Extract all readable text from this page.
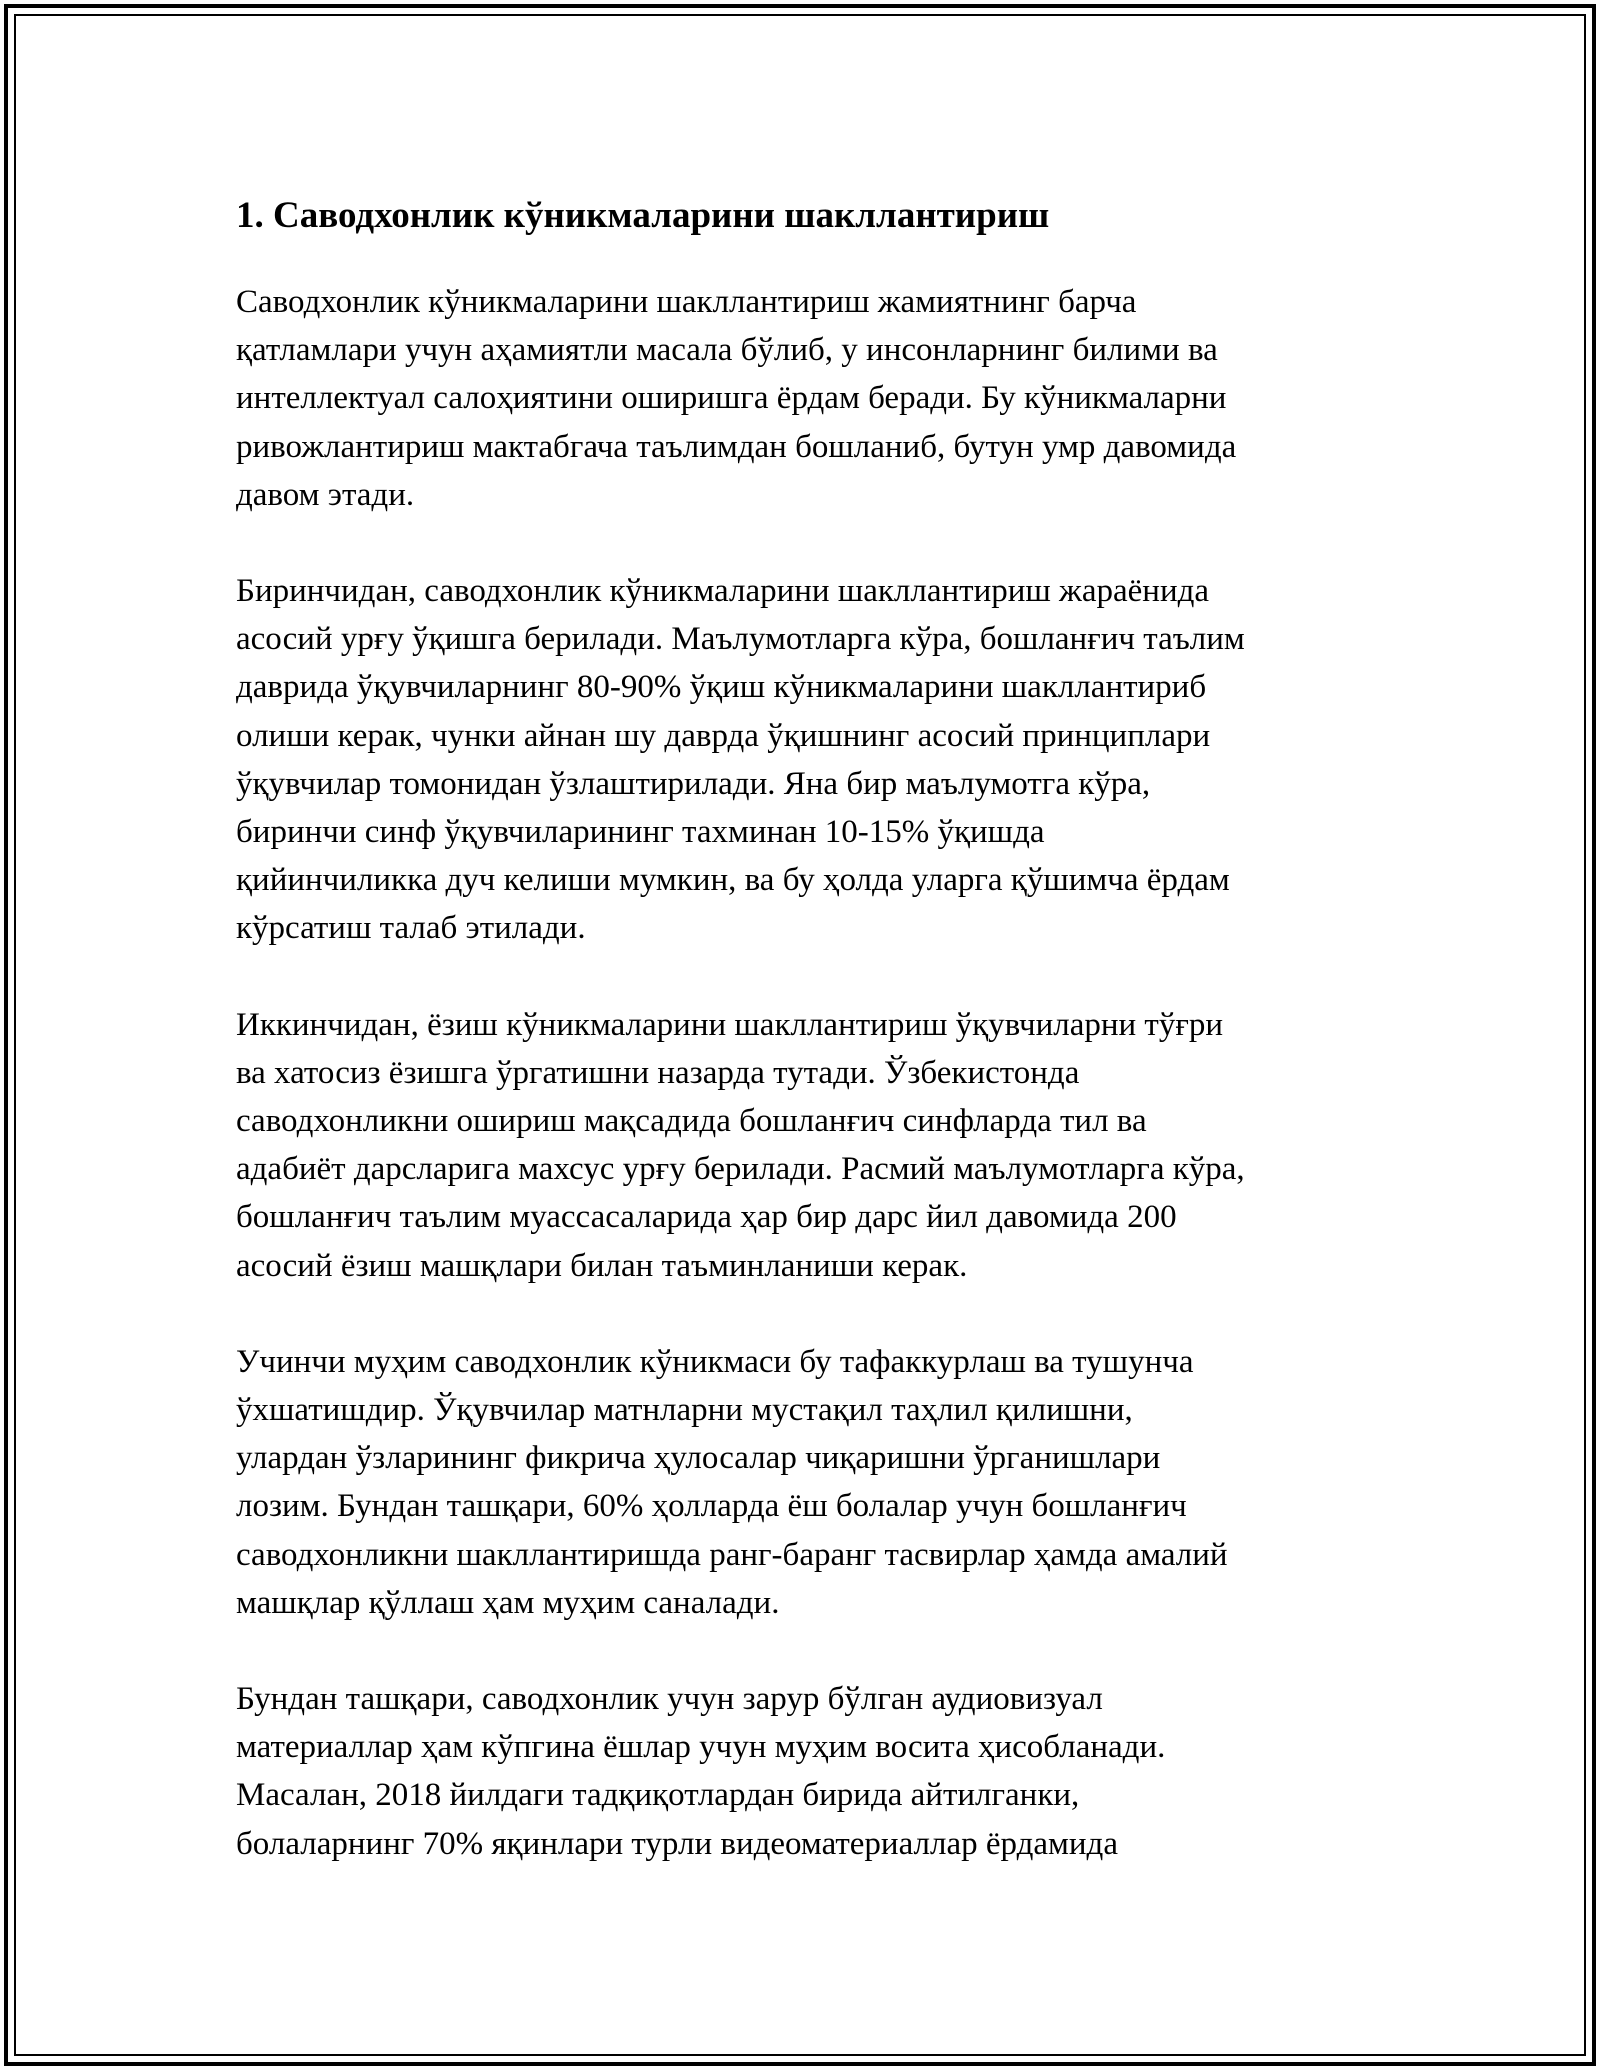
1. Саводхонлик кўникмаларини шакллантириш

Саводхонлик кўникмаларини шакллантириш жамиятнинг барча
қатламлари учун аҳамиятли масала бўлиб, у инсонларнинг билими ва
интеллектуал салоҳиятини оширишга ёрдам беради. Бу кўникмаларни
ривожлантириш мактабгача таълимдан бошланиб, бутун умр давомида
давом этади.

Биринчидан, саводхонлик кўникмаларини шакллантириш жараёнида
асосий урғу ўқишга берилади. Маълумотларга кўра, бошланғич таълим
даврида ўқувчиларнинг 80-90% ўқиш кўникмаларини шакллантириб
олиши керак, чунки айнан шу даврда ўқишнинг асосий принциплари
ўқувчилар томонидан ўзлаштирилади. Яна бир маълумотга кўра,
биринчи синф ўқувчиларининг тахминан 10-15% ўқишда
қийинчиликка дуч келиши мумкин, ва бу ҳолда уларга қўшимча ёрдам
кўрсатиш талаб этилади.

Иккинчидан, ёзиш кўникмаларини шакллантириш ўқувчиларни тўғри
ва хатосиз ёзишга ўргатишни назарда тутади. Ўзбекистонда
саводхонликни ошириш мақсадида бошланғич синфларда тил ва
адабиёт дарсларига махсус урғу берилади. Расмий маълумотларга кўра,
бошланғич таълим муассасаларида ҳар бир дарс йил давомида 200
асосий ёзиш машқлари билан таъминланиши керак.

Учинчи муҳим саводхонлик кўникмаси бу тафаккурлаш ва тушунча
ўхшатишдир. Ўқувчилар матнларни мустақил таҳлил қилишни,
улардан ўзларининг фикрича ҳулосалар чиқаришни ўрганишлари
лозим. Бундан ташқари, 60% ҳолларда ёш болалар учун бошланғич
саводхонликни шакллантиришда ранг-баранг тасвирлар ҳамда амалий
машқлар қўллаш ҳам муҳим саналади.

Бундан ташқари, саводхонлик учун зарур бўлган аудиовизуал
материаллар ҳам кўпгина ёшлар учун муҳим восита ҳисобланади.
Масалан, 2018 йилдаги тадқиқотлардан бирида айтилганки,
болаларнинг 70% яқинлари турли видеоматериаллар ёрдамида
